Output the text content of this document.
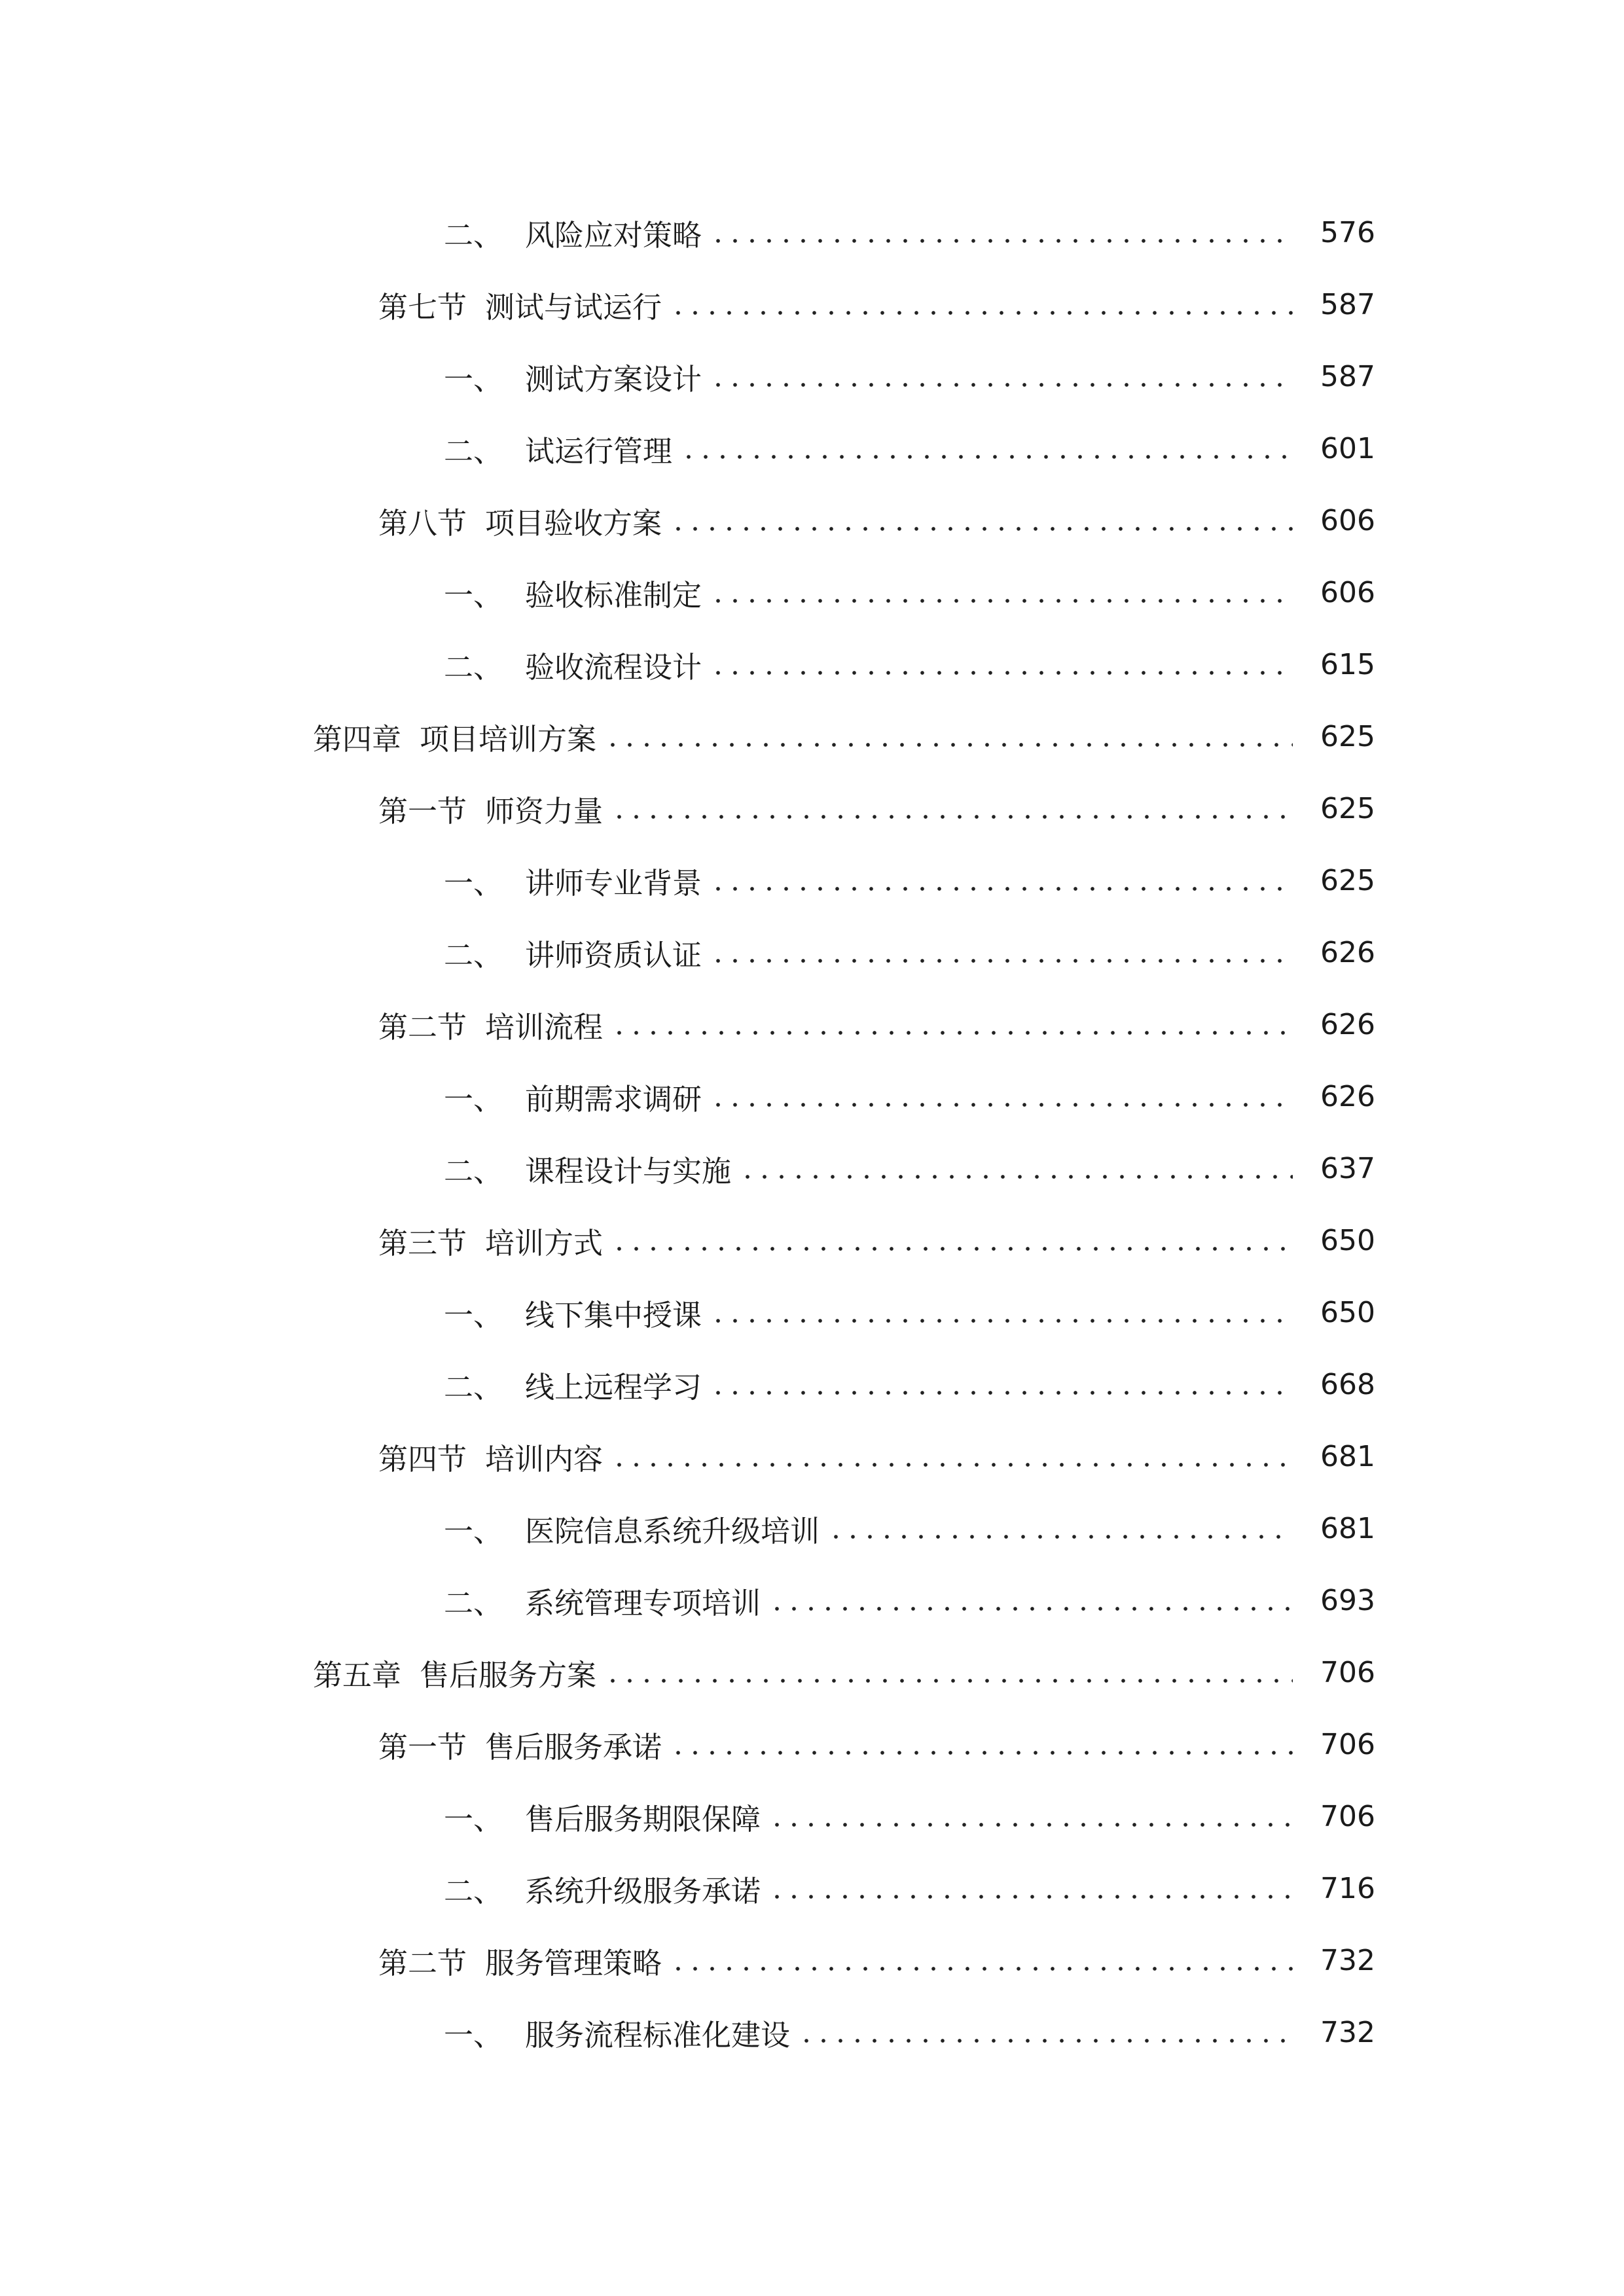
二、 风险应对策略	576
第七节 测试与试运行	587
一、 测试方案设计	587
二、 试运行管理	601
第八节 项目验收方案	606
一、 验收标准制定	606
二、 验收流程设计	615
第四章 项目培训方案	625
第一节 师资力量	625
一、 讲师专业背景	625
二、 讲师资质认证	626
第二节 培训流程	626
一、 前期需求调研	626
二、 课程设计与实施	637
第三节 培训方式	650
一、 线下集中授课	650
二、 线上远程学习	668
第四节 培训内容	681
一、 医院信息系统升级培训	681
二、 系统管理专项培训	693
第五章 售后服务方案	706
第一节 售后服务承诺	706
一、 售后服务期限保障	706
二、 系统升级服务承诺	716
第二节 服务管理策略	732
一、 服务流程标准化建设	732
